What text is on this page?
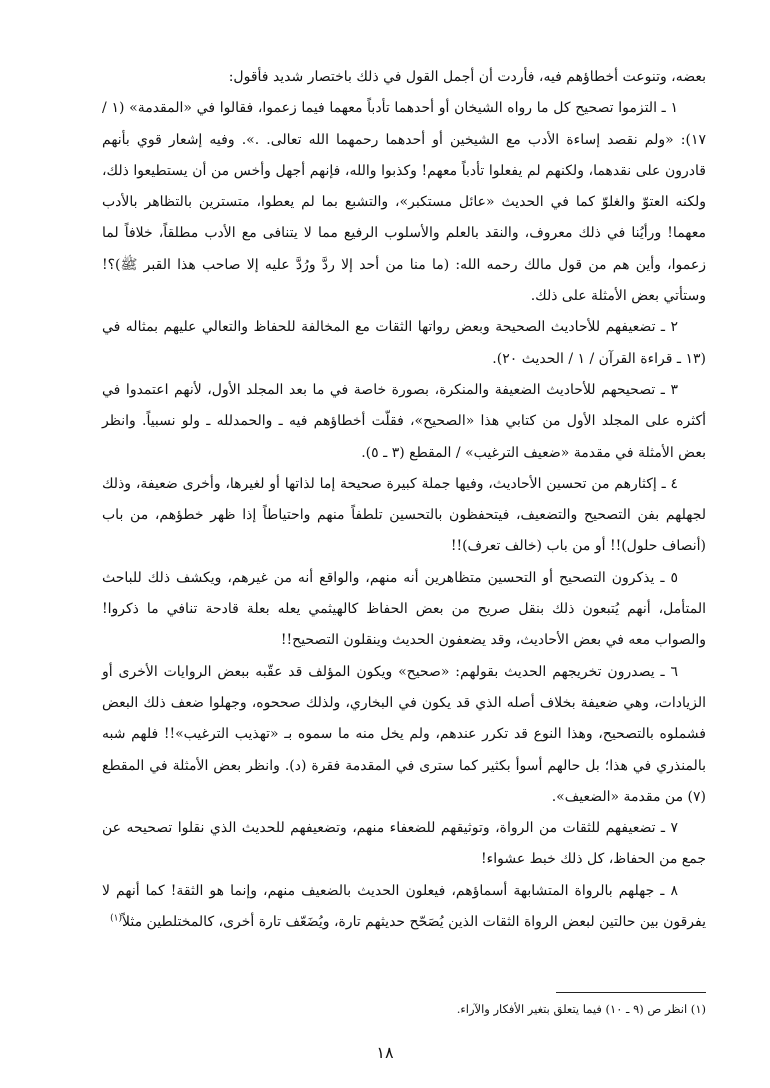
بعضه، وتنوعت أخطاؤهم فيه، فأردت أن أجمل القول في ذلك باختصار شديد فأقول:

١ ـ التزموا تصحيح كل ما رواه الشيخان أو أحدهما تأدباً معهما فيما زعموا، فقالوا في «المقدمة» (١ / ١٧): «ولم نقصد إساءة الأدب مع الشيخين أو أحدهما رحمهما الله تعالى. .». وفيه إشعار قوي بأنهم قادرون على نقدهما، ولكنهم لم يفعلوا تأدباً معهم! وكذبوا والله، فإنهم أجهل وأخس من أن يستطيعوا ذلك، ولكنه العتوّ والغلوّ كما في الحديث «عائل مستكبر»، والتشبع بما لم يعطوا، متسترين بالتظاهر بالأدب معهما! ورأيُنا في ذلك معروف، والنقد بالعلم والأسلوب الرفيع مما لا يتنافى مع الأدب مطلقاً، خلافاً لما زعموا، وأين هم من قول مالك رحمه الله: (ما منا من أحد إلا ردَّ ورُدَّ عليه إلا صاحب هذا القبر ﷺ)؟! وستأتي بعض الأمثلة على ذلك.

٢ ـ تضعيفهم للأحاديث الصحيحة وبعض رواتها الثقات مع المخالفة للحفاظ والتعالي عليهم بمثاله في (١٣ ـ قراءة القرآن / ١ / الحديث ٢٠).

٣ ـ تصحيحهم للأحاديث الضعيفة والمنكرة، بصورة خاصة في ما بعد المجلد الأول، لأنهم اعتمدوا في أكثره على المجلد الأول من كتابي هذا «الصحيح»، فقلّت أخطاؤهم فيه ـ والحمدلله ـ ولو نسبياً. وانظر بعض الأمثلة في مقدمة «ضعيف الترغيب» / المقطع (٣ ـ ٥).

٤ ـ إكثارهم من تحسين الأحاديث، وفيها جملة كبيرة صحيحة إما لذاتها أو لغيرها، وأخرى ضعيفة، وذلك لجهلهم بفن التصحيح والتضعيف، فيتحفظون بالتحسين تلطفاً منهم واحتياطاً إذا ظهر خطؤهم، من باب (أنصاف حلول)!! أو من باب (خالف تعرف)!!

٥ ـ يذكرون التصحيح أو التحسين متظاهرين أنه منهم، والواقع أنه من غيرهم، ويكشف ذلك للباحث المتأمل، أنهم يُتبعون ذلك بنقل صريح من بعض الحفاظ كالهيثمي يعله بعلة قادحة تنافي ما ذكروا! والصواب معه في بعض الأحاديث، وقد يضعفون الحديث وينقلون التصحيح!!

٦ ـ يصدرون تخريجهم الحديث بقولهم: «صحيح» ويكون المؤلف قد عقّبه ببعض الروايات الأخرى أو الزيادات، وهي ضعيفة بخلاف أصله الذي قد يكون في البخاري، ولذلك صححوه، وجهلوا ضعف ذلك البعض فشملوه بالتصحيح، وهذا النوع قد تكرر عندهم، ولم يخل منه ما سموه بـ «تهذيب الترغيب»!! فلهم شبه بالمنذري في هذا؛ بل حالهم أسوأ بكثير كما سترى في المقدمة فقرة (د). وانظر بعض الأمثلة في المقطع (٧) من مقدمة «الضعيف».

٧ ـ تضعيفهم للثقات من الرواة، وتوثيقهم للضعفاء منهم، وتضعيفهم للحديث الذي نقلوا تصحيحه عن جمع من الحفاظ، كل ذلك خبط عشواء!

٨ ـ جهلهم بالرواة المتشابهة أسماؤهم، فيعلون الحديث بالضعيف منهم، وإنما هو الثقة! كما أنهم لا يفرقون بين حالتين لبعض الرواة الثقات الذين يُصَحّح حديثهم تارة، ويُضَعّف تارة أخرى، كالمختلطين مثلاً$^{(١)}$

(١) انظر ص (٩ ـ ١٠) فيما يتعلق بتغير الأفكار والآراء.
١٨
